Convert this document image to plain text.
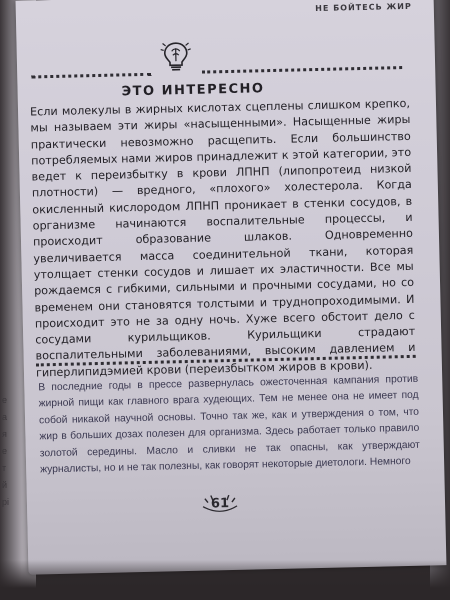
е
а
я
е
т
й
рі
НЕ БОЙТЕСЬ ЖИР
ЭТО ИНТЕРЕСНО
Если молекулы в жирных кислотах сцеплены слишком крепко, мы называем эти жиры «насыщенными». Насыщенные жиры практически невозможно расщепить. Если большинство потребляемых нами жиров принадлежит к этой категории, это ведет к переизбытку в крови ЛПНП (липопротеид низкой плотности) — вредного, «плохого» холестерола. Когда окисленный кислородом ЛПНП проникает в стенки сосудов, в организме начинаются воспалительные процессы, и происходит образование шлаков. Одновременно увеличивается масса соединительной ткани, которая утолщает стенки сосудов и лишает их эластичности. Все мы рождаемся с гибкими, сильными и прочными сосудами, но со временем они становятся толстыми и труднопроходимыми. И происходит это не за одну ночь. Хуже всего обстоит дело с сосудами курильщиков. Курильщики страдают воспалительными заболеваниями, высоким давлением и гиперлипидэмией крови (переизбытком жиров в крови).
В последние годы в прессе развернулась ожесточенная кампания против жирной пищи как главного врага худеющих. Тем не менее она не имеет под собой никакой научной основы. Точно так же, как и утверждения о том, что жир в больших дозах полезен для организма. Здесь работает только правило золотой середины. Масло и сливки не так опасны, как утверждают журналисты, но и не так полезны, как говорят некоторые диетологи. Немного
61
